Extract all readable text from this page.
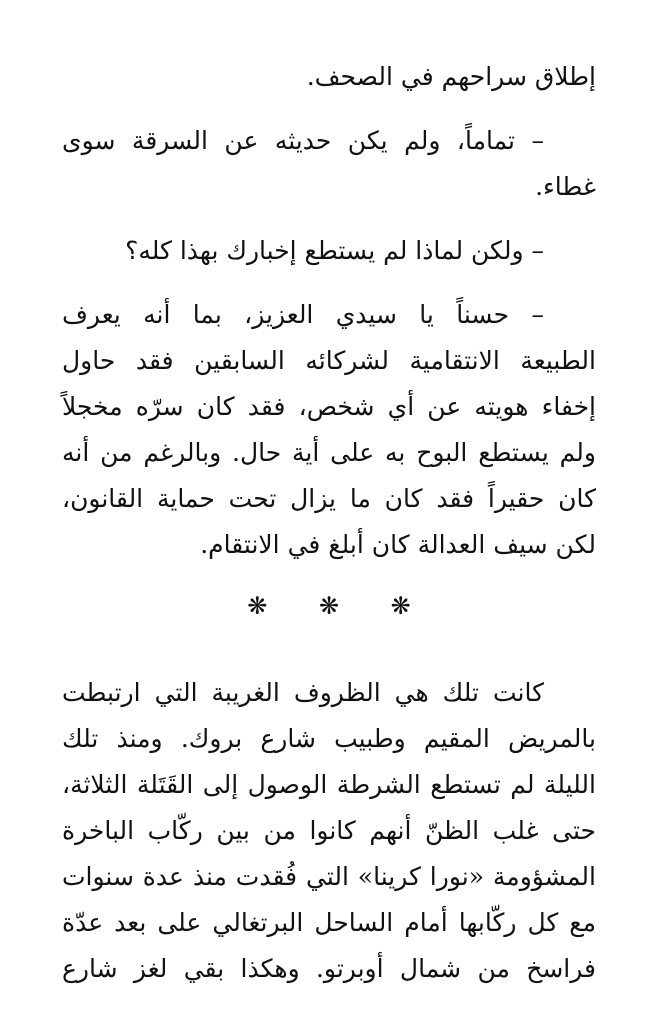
إطلاق سراحهم في الصحف.

– تماماً، ولم يكن حديثه عن السرقة سوى
غطاء.

– ولكن لماذا لم يستطع إخبارك بهذا كله؟

– حسناً يا سيدي العزيز، بما أنه يعرف
الطبيعة الانتقامية لشركائه السابقين فقد حاول
إخفاء هويته عن أي شخص، فقد كان سرّه مخجلاً
ولم يستطع البوح به على أية حال. وبالرغم من أنه
كان حقيراً فقد كان ما يزال تحت حماية القانون،
لكن سيف العدالة كان أبلغ في الانتقام.

❋ ❋ ❋

كانت تلك هي الظروف الغريبة التي ارتبطت
بالمريض المقيم وطبيب شارع بروك. ومنذ تلك
الليلة لم تستطع الشرطة الوصول إلى القَتَلة الثلاثة،
حتى غلب الظنّ أنهم كانوا من بين ركّاب الباخرة
المشؤومة «نورا كرينا» التي فُقدت منذ عدة سنوات
مع كل ركّابها أمام الساحل البرتغالي على بعد عدّة
فراسخ من شمال أوبرتو. وهكذا بقي لغز شارع
